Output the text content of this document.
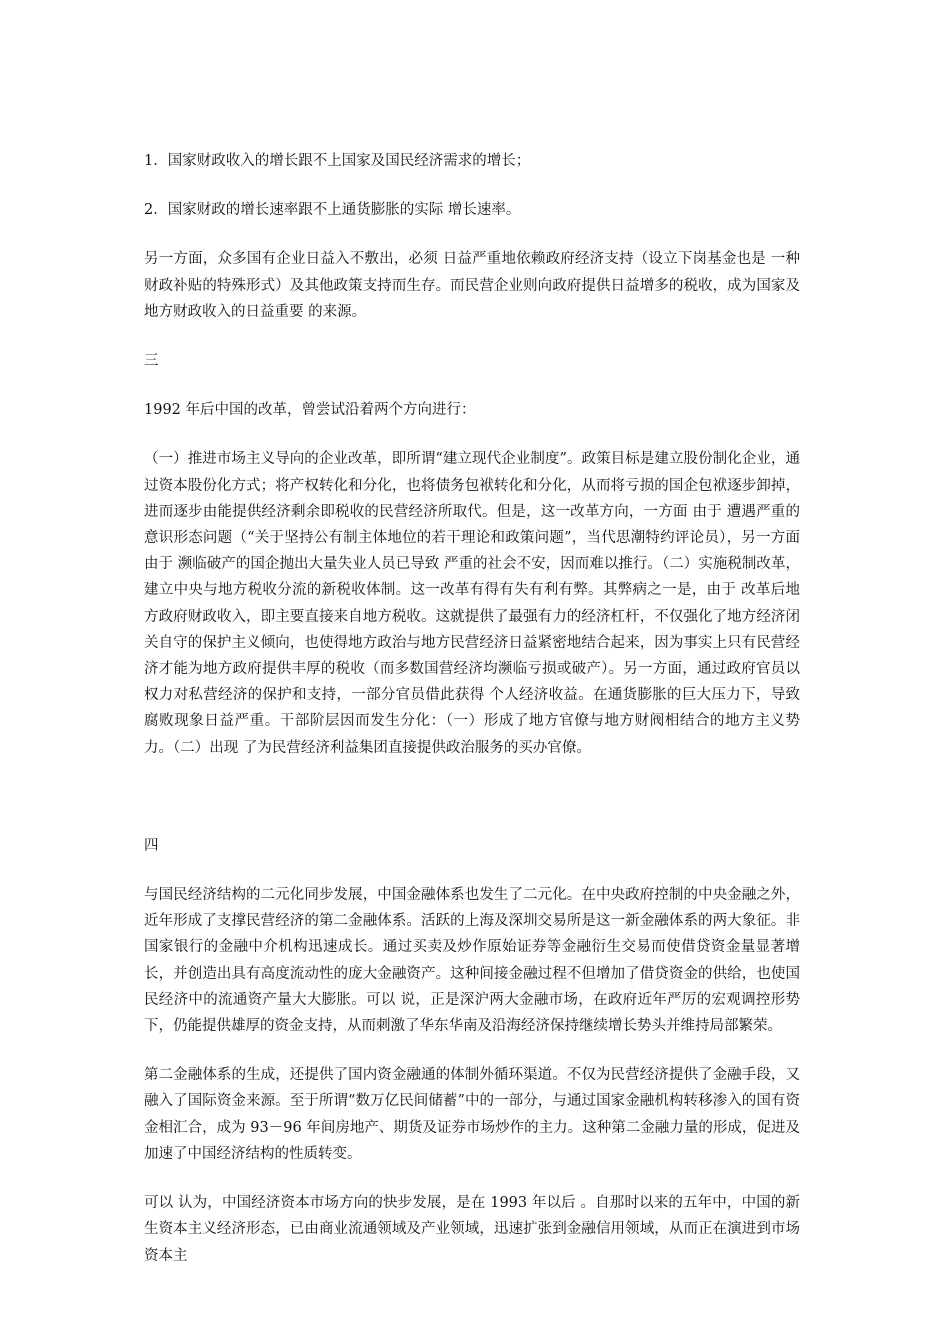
1．国家财政收入的增长跟不上国家及国民经济需求的增长；

2．国家财政的增长速率跟不上通货膨胀的实际 增长速率。

另一方面，众多国有企业日益入不敷出，必须 日益严重地依赖政府经济支持（设立下岗基金也是 一种财政补贴的特殊形式）及其他政策支持而生存。而民营企业则向政府提供日益增多的税收，成为国家及地方财政收入的日益重要 的来源。

三

1992 年后中国的改革，曾尝试沿着两个方向进行：

（一）推进市场主义导向的企业改革，即所谓“建立现代企业制度”。政策目标是建立股份制化企业，通过资本股份化方式；将产权转化和分化，也将债务包袱转化和分化，从而将亏损的国企包袱逐步卸掉，进而逐步由能提供经济剩余即税收的民营经济所取代。但是，这一改革方向，一方面 由于 遭遇严重的意识形态问题（“关于坚持公有制主体地位的若干理论和政策问题”，当代思潮特约评论员），另一方面 由于 濒临破产的国企抛出大量失业人员已导致 严重的社会不安，因而难以推行。（二）实施税制改革，建立中央与地方税收分流的新税收体制。这一改革有得有失有利有弊。其弊病之一是，由于 改革后地方政府财政收入，即主要直接来自地方税收。这就提供了最强有力的经济杠杆，不仅强化了地方经济闭关自守的保护主义倾向，也使得地方政治与地方民营经济日益紧密地结合起来，因为事实上只有民营经济才能为地方政府提供丰厚的税收（而多数国营经济均濒临亏损或破产）。另一方面，通过政府官员以权力对私营经济的保护和支持，一部分官员借此获得 个人经济收益。在通货膨胀的巨大压力下，导致 腐败现象日益严重。干部阶层因而发生分化：（一）形成了地方官僚与地方财阀相结合的地方主义势力。（二）出现 了为民营经济利益集团直接提供政治服务的买办官僚。

四

与国民经济结构的二元化同步发展，中国金融体系也发生了二元化。在中央政府控制的中央金融之外，近年形成了支撑民营经济的第二金融体系。活跃的上海及深圳交易所是这一新金融体系的两大象征。非国家银行的金融中介机构迅速成长。通过买卖及炒作原始证券等金融衍生交易而使借贷资金量显著增长，并创造出具有高度流动性的庞大金融资产。这种间接金融过程不但增加了借贷资金的供给，也使国民经济中的流通资产量大大膨胀。可以 说，正是深沪两大金融市场，在政府近年严厉的宏观调控形势下，仍能提供雄厚的资金支持，从而刺激了华东华南及沿海经济保持继续增长势头并维持局部繁荣。

第二金融体系的生成，还提供了国内资金融通的体制外循环渠道。不仅为民营经济提供了金融手段，又融入了国际资金来源。至于所谓“数万亿民间储蓄”中的一部分，与通过国家金融机构转移渗入的国有资金相汇合，成为 93－96 年间房地产、期货及证券市场炒作的主力。这种第二金融力量的形成，促进及加速了中国经济结构的性质转变。

可以 认为，中国经济资本市场方向的快步发展，是在 1993 年以后 。自那时以来的五年中，中国的新生资本主义经济形态，已由商业流通领域及产业领域，迅速扩张到金融信用领域，从而正在演进到市场资本主
